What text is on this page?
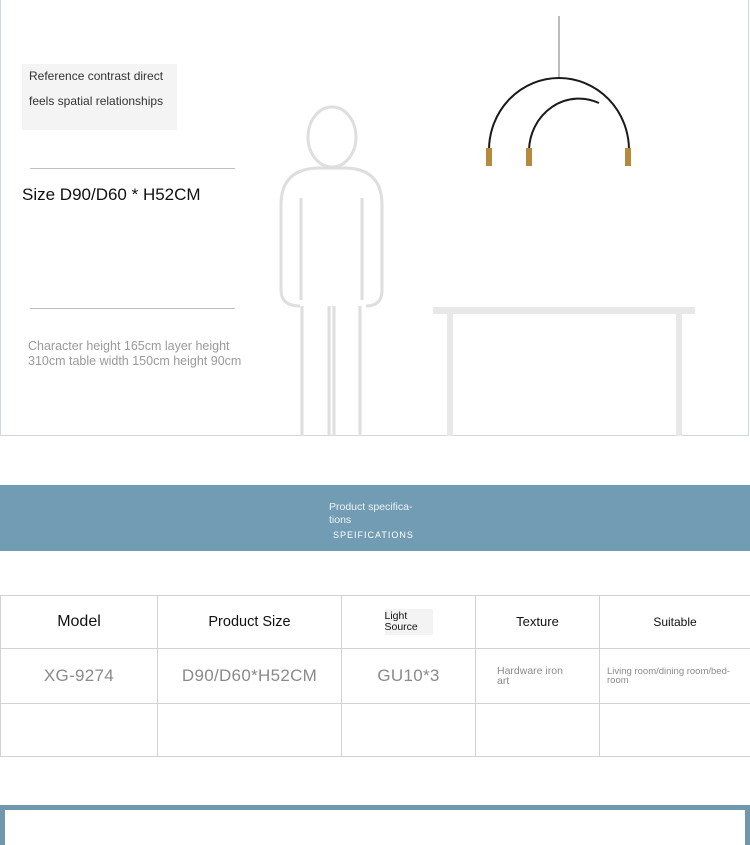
Reference contrast direct
feels spatial relationships
Size D90/D60 * H52CM
Character height 165cm layer height 310cm table width 150cm height 90cm
Product specifica-
tions
SPEIFICATIONS
Model	Product Size	Light Source	Texture	Suitable
XG-9274	D90/D60*H52CM	GU10*3	Hardware iron art	Living room/dining room/bed-room
